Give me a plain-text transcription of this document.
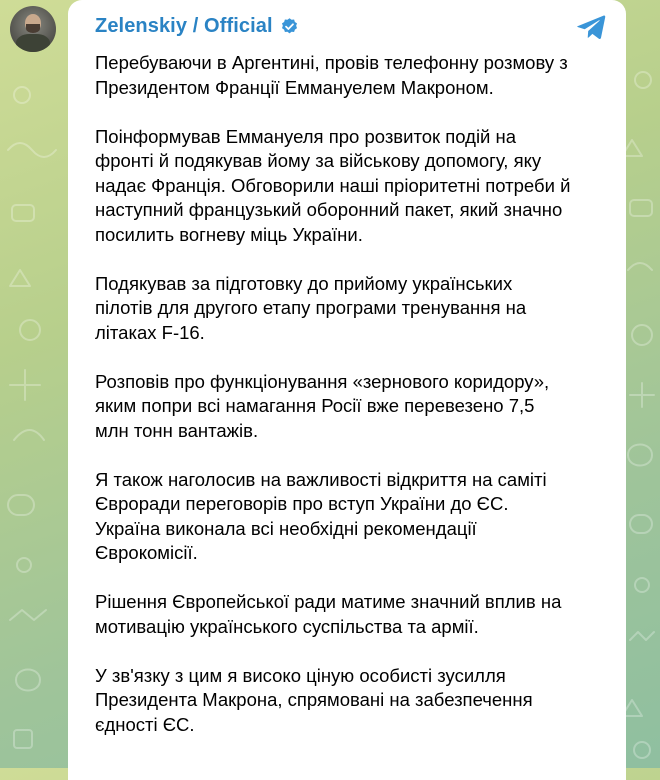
Zelenskiy / Official

Перебуваючи в Аргентині, провів телефонну розмову з
Президентом Франції Еммануелем Макроном.

Поінформував Еммануеля про розвиток подій на
фронті й подякував йому за військову допомогу, яку
надає Франція. Обговорили наші пріоритетні потреби й
наступний французький оборонний пакет, який значно
посилить вогневу міць України.

Подякував за підготовку до прийому українських
пілотів для другого етапу програми тренування на
літаках F-16.

Розповів про функціонування «зернового коридору»,
яким попри всі намагання Росії вже перевезено 7,5
млн тонн вантажів.

Я також наголосив на важливості відкриття на саміті
Євроради переговорів про вступ України до ЄС.
Україна виконала всі необхідні рекомендації
Єврокомісії.

Рішення Європейської ради матиме значний вплив на
мотивацію українського суспільства та армії.

У зв'язку з цим я високо ціную особисті зусилля
Президента Макрона, спрямовані на забезпечення
єдності ЄС.
